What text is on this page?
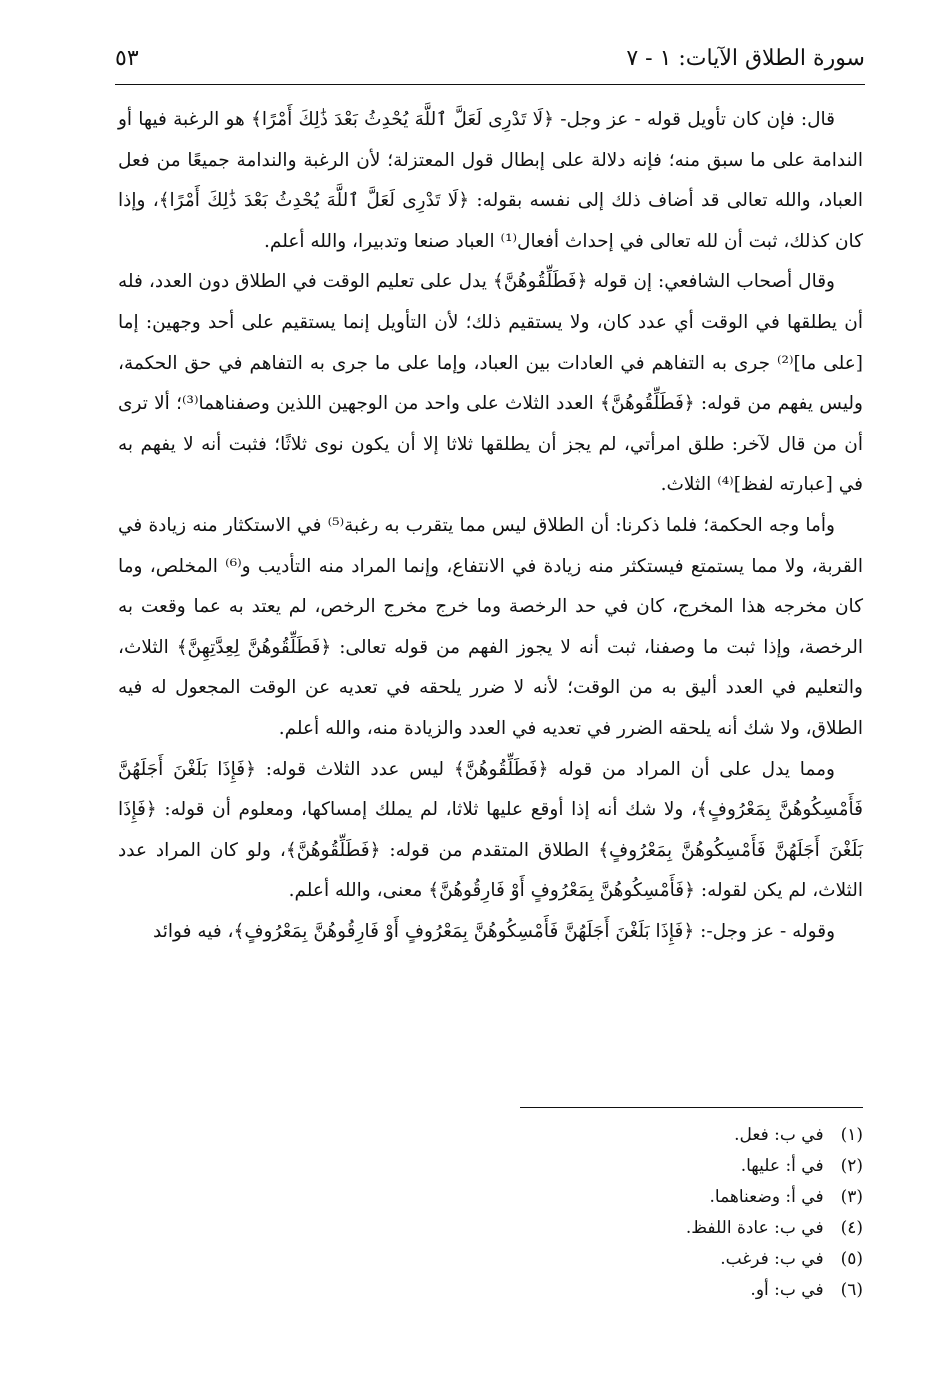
سورة الطلاق الآيات: ١ - ٧
٥٣

قال: فإن كان تأويل قوله - عز وجل- ﴿لَا تَدْرِى لَعَلَّ ٱللَّهَ يُحْدِثُ بَعْدَ ذَٰلِكَ أَمْرًا﴾ هو الرغبة فيها أو الندامة على ما سبق منه؛ فإنه دلالة على إبطال قول المعتزلة؛ لأن الرغبة والندامة جميعًا من فعل العباد، والله تعالى قد أضاف ذلك إلى نفسه بقوله: ﴿لَا تَدْرِى لَعَلَّ ٱللَّهَ يُحْدِثُ بَعْدَ ذَٰلِكَ أَمْرًا﴾، وإذا كان كذلك، ثبت أن لله تعالى في إحداث أفعال⁽¹⁾ العباد صنعا وتدبيرا، والله أعلم.

وقال أصحاب الشافعي: إن قوله ﴿فَطَلِّقُوهُنَّ﴾ يدل على تعليم الوقت في الطلاق دون العدد، فله أن يطلقها في الوقت أي عدد كان، ولا يستقيم ذلك؛ لأن التأويل إنما يستقيم على أحد وجهين: إما [على ما]⁽²⁾ جرى به التفاهم في العادات بين العباد، وإما على ما جرى به التفاهم في حق الحكمة، وليس يفهم من قوله: ﴿فَطَلِّقُوهُنَّ﴾ العدد الثلاث على واحد من الوجهين اللذين وصفناهما⁽³⁾؛ ألا ترى أن من قال لآخر: طلق امرأتي، لم يجز أن يطلقها ثلاثا إلا أن يكون نوى ثلاثًا؛ فثبت أنه لا يفهم به في [عبارته لفظ]⁽⁴⁾ الثلاث.

وأما وجه الحكمة؛ فلما ذكرنا: أن الطلاق ليس مما يتقرب به رغبة⁽⁵⁾ في الاستكثار منه زيادة في القربة، ولا مما يستمتع فيستكثر منه زيادة في الانتفاع، وإنما المراد منه التأديب و⁽⁶⁾ المخلص، وما كان مخرجه هذا المخرج، كان في حد الرخصة وما خرج مخرج الرخص، لم يعتد به عما وقعت به الرخصة، وإذا ثبت ما وصفنا، ثبت أنه لا يجوز الفهم من قوله تعالى: ﴿فَطَلِّقُوهُنَّ لِعِدَّتِهِنَّ﴾ الثلاث، والتعليم في العدد أليق به من الوقت؛ لأنه لا ضرر يلحقه في تعديه عن الوقت المجعول له فيه الطلاق، ولا شك أنه يلحقه الضرر في تعديه في العدد والزيادة منه، والله أعلم.

ومما يدل على أن المراد من قوله ﴿فَطَلِّقُوهُنَّ﴾ ليس عدد الثلاث قوله: ﴿فَإِذَا بَلَغْنَ أَجَلَهُنَّ فَأَمْسِكُوهُنَّ بِمَعْرُوفٍ﴾، ولا شك أنه إذا أوقع عليها ثلاثا، لم يملك إمساكها، ومعلوم أن قوله: ﴿فَإِذَا بَلَغْنَ أَجَلَهُنَّ فَأَمْسِكُوهُنَّ بِمَعْرُوفٍ﴾ الطلاق المتقدم من قوله: ﴿فَطَلِّقُوهُنَّ﴾، ولو كان المراد عدد الثلاث، لم يكن لقوله: ﴿فَأَمْسِكُوهُنَّ بِمَعْرُوفٍ أَوْ فَارِقُوهُنَّ﴾ معنى، والله أعلم.

وقوله - عز وجل-: ﴿فَإِذَا بَلَغْنَ أَجَلَهُنَّ فَأَمْسِكُوهُنَّ بِمَعْرُوفٍ أَوْ فَارِقُوهُنَّ بِمَعْرُوفٍ﴾، فيه فوائد

(١) في ب: فعل.
(٢) في أ: عليها.
(٣) في أ: وضعناهما.
(٤) في ب: عادة اللفظ.
(٥) في ب: فرغب.
(٦) في ب: أو.
